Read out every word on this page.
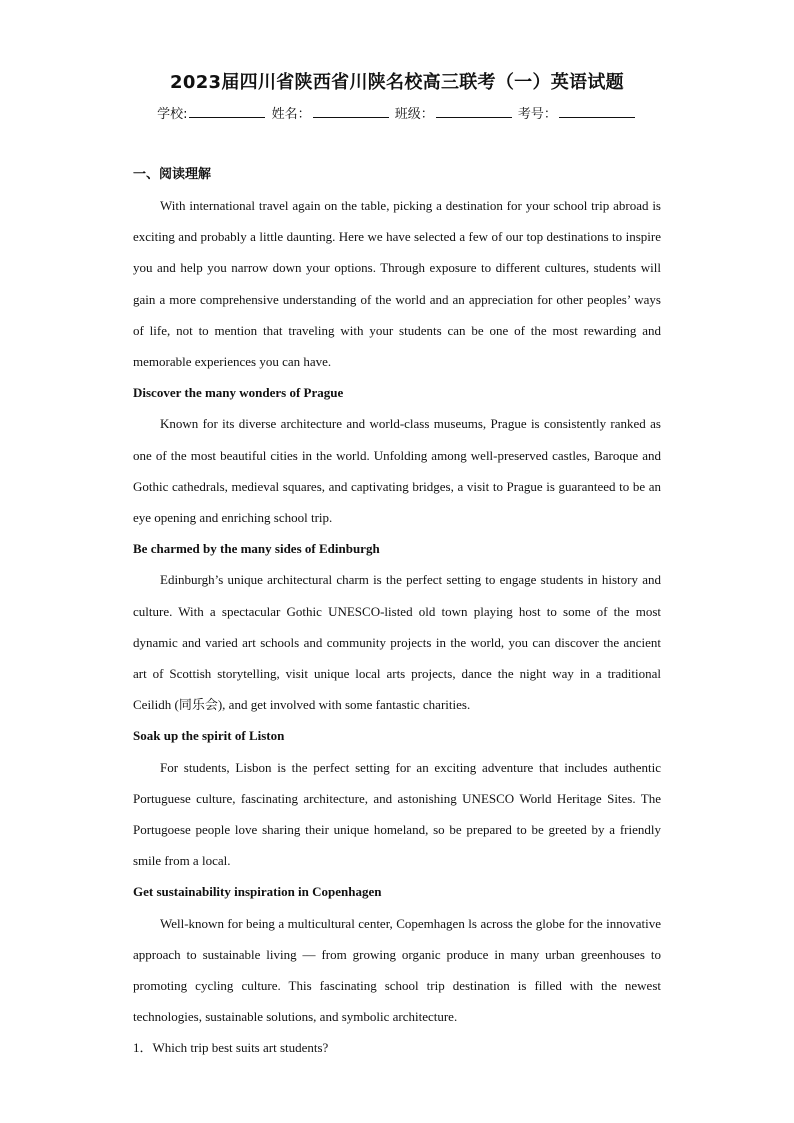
2023届四川省陕西省川陕名校高三联考（一）英语试题
学校:	姓名：	班级：	考号：
一、阅读理解

With international travel again on the table, picking a destination for your school trip abroad is exciting and probably a little daunting. Here we have selected a few of our top destinations to inspire you and help you narrow down your options. Through exposure to different cultures, students will gain a more comprehensive understanding of the world and an appreciation for other peoples’ ways of life, not to mention that traveling with your students can be one of the most rewarding and memorable experiences you can have.

Discover the many wonders of Prague

Known for its diverse architecture and world-class museums, Prague is consistently ranked as one of the most beautiful cities in the world. Unfolding among well-preserved castles, Baroque and Gothic cathedrals, medieval squares, and captivating bridges, a visit to Prague is guaranteed to be an eye opening and enriching school trip.

Be charmed by the many sides of Edinburgh

Edinburgh’s unique architectural charm is the perfect setting to engage students in history and culture. With a spectacular Gothic UNESCO-listed old town playing host to some of the most dynamic and varied art schools and community projects in the world, you can discover the ancient art of Scottish storytelling, visit unique local arts projects, dance the night way in a traditional Ceilidh (同乐会), and get involved with some fantastic charities.

Soak up the spirit of Liston

For students, Lisbon is the perfect setting for an exciting adventure that includes authentic Portuguese culture, fascinating architecture, and astonishing UNESCO World Heritage Sites. The Portugoese people love sharing their unique homeland, so be prepared to be greeted by a friendly smile from a local.

Get sustainability inspiration in Copenhagen

Well-known for being a multicultural center, Copemhagen ls across the globe for the innovative approach to sustainable living — from growing organic produce in many urban greenhouses to promoting cycling culture. This fascinating school trip destination is filled with the newest technologies, sustainable solutions, and symbolic architecture.

1．Which trip best suits art students?
